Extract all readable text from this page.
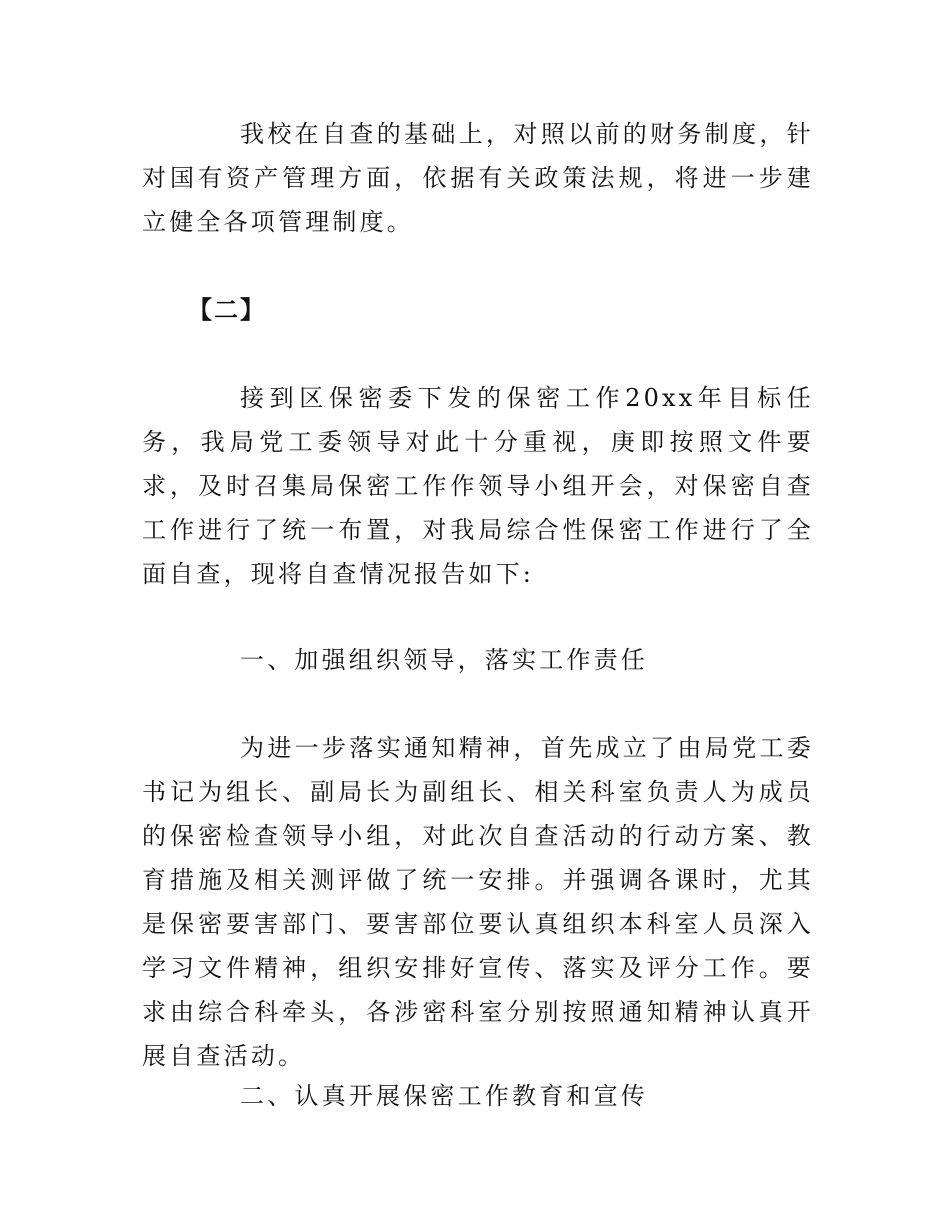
我校在自查的基础上，对照以前的财务制度，针对国有资产管理方面，依据有关政策法规，将进一步建立健全各项管理制度。

【二】

接到区保密委下发的保密工作20xx年目标任务，我局党工委领导对此十分重视，庚即按照文件要求，及时召集局保密工作作领导小组开会，对保密自查工作进行了统一布置，对我局综合性保密工作进行了全面自查，现将自查情况报告如下:

一、加强组织领导，落实工作责任

为进一步落实通知精神，首先成立了由局党工委书记为组长、副局长为副组长、相关科室负责人为成员的保密检查领导小组，对此次自查活动的行动方案、教育措施及相关测评做了统一安排。并强调各课时，尤其是保密要害部门、要害部位要认真组织本科室人员深入学习文件精神，组织安排好宣传、落实及评分工作。要求由综合科牵头，各涉密科室分别按照通知精神认真开展自查活动。

二、认真开展保密工作教育和宣传
